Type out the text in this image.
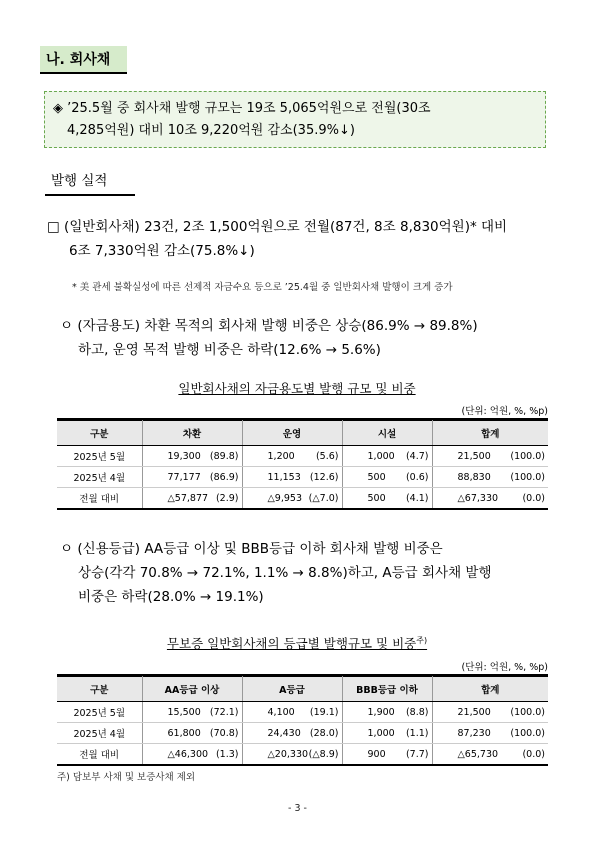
나. 회사채
◈ ’25.5월 중 회사채 발행 규모는 19조 5,065억원으로 전월(30조
4,285억원) 대비 10조 9,220억원 감소(35.9%↓)
발행 실적
□ (일반회사채) 23건, 2조 1,500억원으로 전월(87건, 8조 8,830억원)* 대비
6조 7,330억원 감소(75.8%↓)
* 美 관세 불확실성에 따른 선제적 자금수요 등으로 ’25.4월 중 일반회사채 발행이 크게 증가
ㅇ (자금용도) 차환 목적의 회사채 발행 비중은 상승(86.9% → 89.8%)
하고, 운영 목적 발행 비중은 하락(12.6% → 5.6%)
일반회사채의 자금용도별 발행 규모 및 비중
(단위: 억원, %, %p)
구분	차환	운영	시설	합계
2025년 5월	19,300 (89.8)	1,200 (5.6)	1,000 (4.7)	21,500 (100.0)

2025년 4월	77,177 (86.9)	11,153 (12.6)	500 (0.6)	88,830 (100.0)

전월 대비	△57,877 (2.9)	△9,953 (△7.0)	500 (4.1)	△67,330 (0.0)
ㅇ (신용등급) AA등급 이상 및 BBB등급 이하 회사채 발행 비중은
상승(각각 70.8% → 72.1%, 1.1% → 8.8%)하고, A등급 회사채 발행
비중은 하락(28.0% → 19.1%)
무보증 일반회사채의 등급별 발행규모 및 비중$^{주)}$
(단위: 억원, %, %p)
구분	AA등급 이상	A등급	BBB등급 이하	합계
2025년 5월	15,500 (72.1)	4,100 (19.1)	1,900 (8.8)	21,500 (100.0)

2025년 4월	61,800 (70.8)	24,430 (28.0)	1,000 (1.1)	87,230 (100.0)

전월 대비	△46,300 (1.3)	△20,330 (△8.9)	900 (7.7)	△65,730 (0.0)
주) 담보부 사채 및 보증사채 제외
- 3 -
